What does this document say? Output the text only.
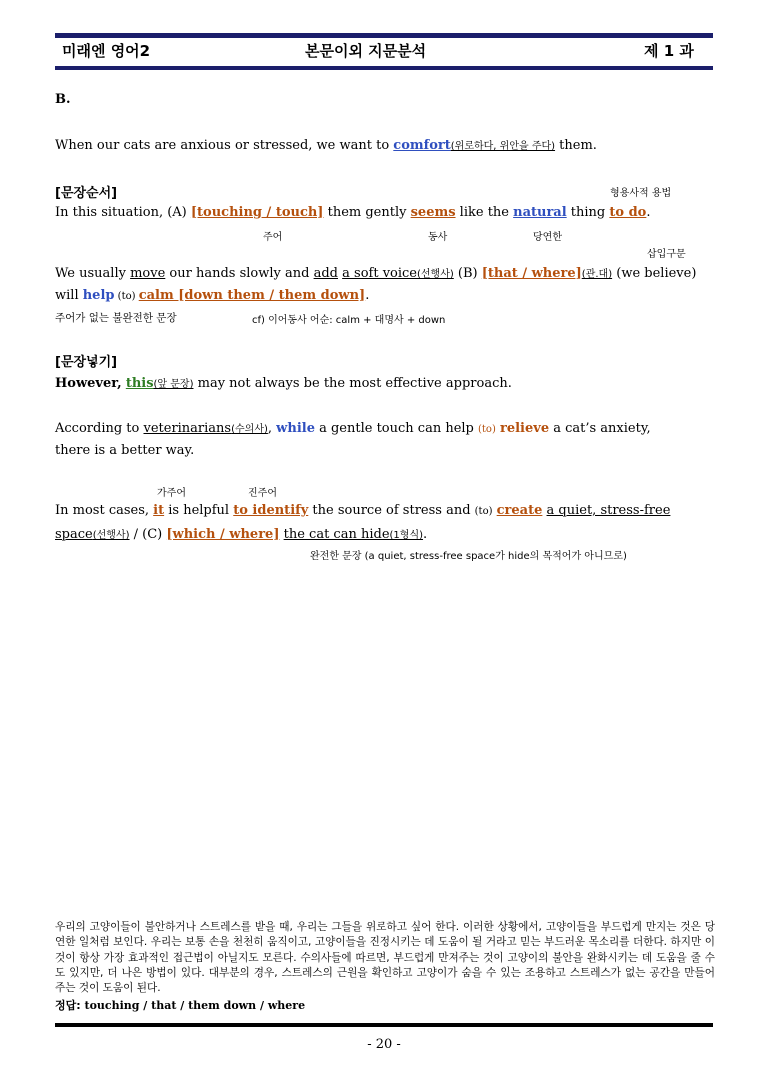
미래엔 영어2	본문이외 지문분석	제 1 과
B.
When our cats are anxious or stressed, we want to comfort(위로하다, 위안을 주다) them.
[문장순서]	형용사적 용법
In this situation, (A) [touching / touch] them gently seems like the natural thing to do.
주어	동사	당연한
삽입구문
We usually move our hands slowly and add a soft voice(선행사) (B) [that / where](관.대) (we believe)
will help (to) calm [down them / them down].
주어가 없는 불완전한 문장	cf) 이어동사 어순: calm + 대명사 + down
[문장넣기]
However, this(앞 문장) may not always be the most effective approach.
According to veterinarians(수의사), while a gentle touch can help (to) relieve a cat’s anxiety,
there is a better way.
가주어	진주어
In most cases, it is helpful to identify the source of stress and (to) create a quiet, stress-free
space(선행사) / (C) [which / where] the cat can hide(1형식).
완전한 문장 (a quiet, stress-free space가 hide의 목적어가 아니므로)
우리의 고양이들이 불안하거나 스트레스를 받을 때, 우리는 그들을 위로하고 싶어 한다. 이러한 상황에서, 고양이들을 부드럽게 만지는 것은 당연한 일처럼 보인다. 우리는 보통 손을 천천히 움직이고, 고양이들을 진정시키는 데 도움이 될 거라고 믿는 부드러운 목소리를 더한다. 하지만 이것이 항상 가장 효과적인 접근법이 아닐지도 모른다. 수의사들에 따르면, 부드럽게 만져주는 것이 고양이의 불안을 완화시키는 데 도움을 줄 수도 있지만, 더 나은 방법이 있다. 대부분의 경우, 스트레스의 근원을 확인하고 고양이가 숨을 수 있는 조용하고 스트레스가 없는 공간을 만들어 주는 것이 도움이 된다.
정답: touching / that / them down / where
- 20 -
